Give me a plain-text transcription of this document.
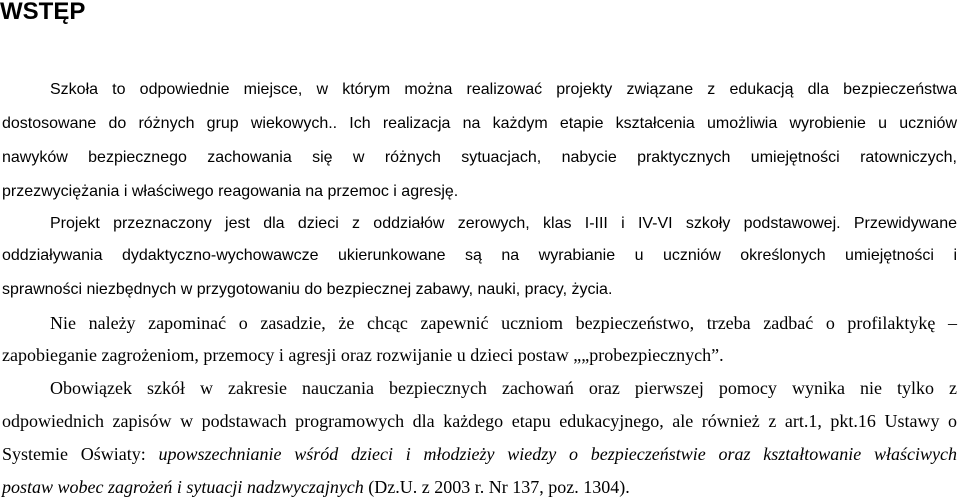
WSTĘP
Szkoła to odpowiednie miejsce, w którym można realizować projekty związane z edukacją dla bezpieczeństwa
dostosowane do różnych grup wiekowych.. Ich realizacja na każdym etapie kształcenia umożliwia wyrobienie u uczniów
nawyków bezpiecznego zachowania się w różnych sytuacjach, nabycie praktycznych umiejętności ratowniczych,
przezwyciężania i właściwego reagowania na przemoc i agresję.
Projekt przeznaczony jest dla dzieci z oddziałów zerowych, klas I-III i IV-VI szkoły podstawowej. Przewidywane
oddziaływania dydaktyczno-wychowawcze ukierunkowane są na wyrabianie u uczniów określonych umiejętności i
sprawności niezbędnych w przygotowaniu do bezpiecznej zabawy, nauki, pracy, życia.
Nie należy zapominać o zasadzie, że chcąc zapewnić uczniom bezpieczeństwo, trzeba zadbać o profilaktykę –
zapobieganie zagrożeniom, przemocy i agresji oraz rozwijanie u dzieci postaw „„probezpiecznych”.
Obowiązek szkół w zakresie nauczania bezpiecznych zachowań oraz pierwszej pomocy wynika nie tylko z
odpowiednich zapisów w podstawach programowych dla każdego etapu edukacyjnego, ale również z art.1, pkt.16 Ustawy o
Systemie Oświaty: upowszechnianie wśród dzieci i młodzieży wiedzy o bezpieczeństwie oraz kształtowanie właściwych
postaw wobec zagrożeń i sytuacji nadzwyczajnych (Dz.U. z 2003 r. Nr 137, poz. 1304).
